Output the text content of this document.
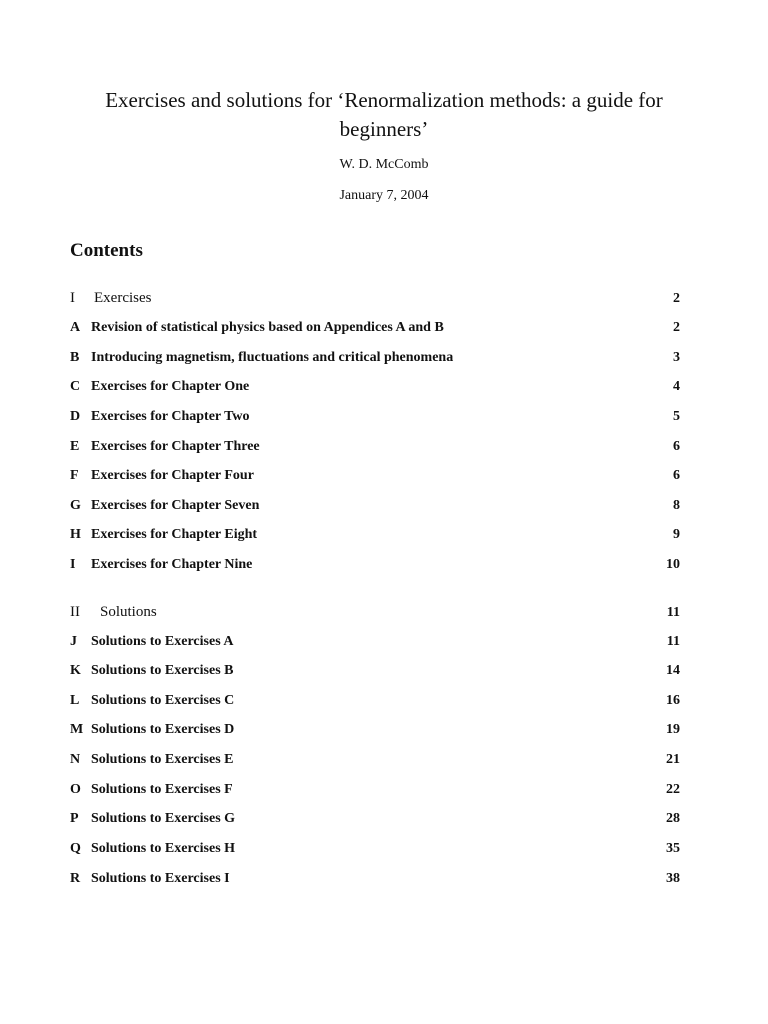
Exercises and solutions for ‘Renormalization methods: a guide for beginners’
W. D. McComb
January 7, 2004
Contents
I	Exercises	2
A Revision of statistical physics based on Appendices A and B	2
B Introducing magnetism, fluctuations and critical phenomena	3
C Exercises for Chapter One	4
D Exercises for Chapter Two	5
E Exercises for Chapter Three	6
F Exercises for Chapter Four	6
G Exercises for Chapter Seven	8
H Exercises for Chapter Eight	9
I	Exercises for Chapter Nine	10
II	Solutions	11
J	Solutions to Exercises A	11
K Solutions to Exercises B	14
L Solutions to Exercises C	16
M Solutions to Exercises D	19
N Solutions to Exercises E	21
O Solutions to Exercises F	22
P Solutions to Exercises G	28
Q Solutions to Exercises H	35
R Solutions to Exercises I	38
